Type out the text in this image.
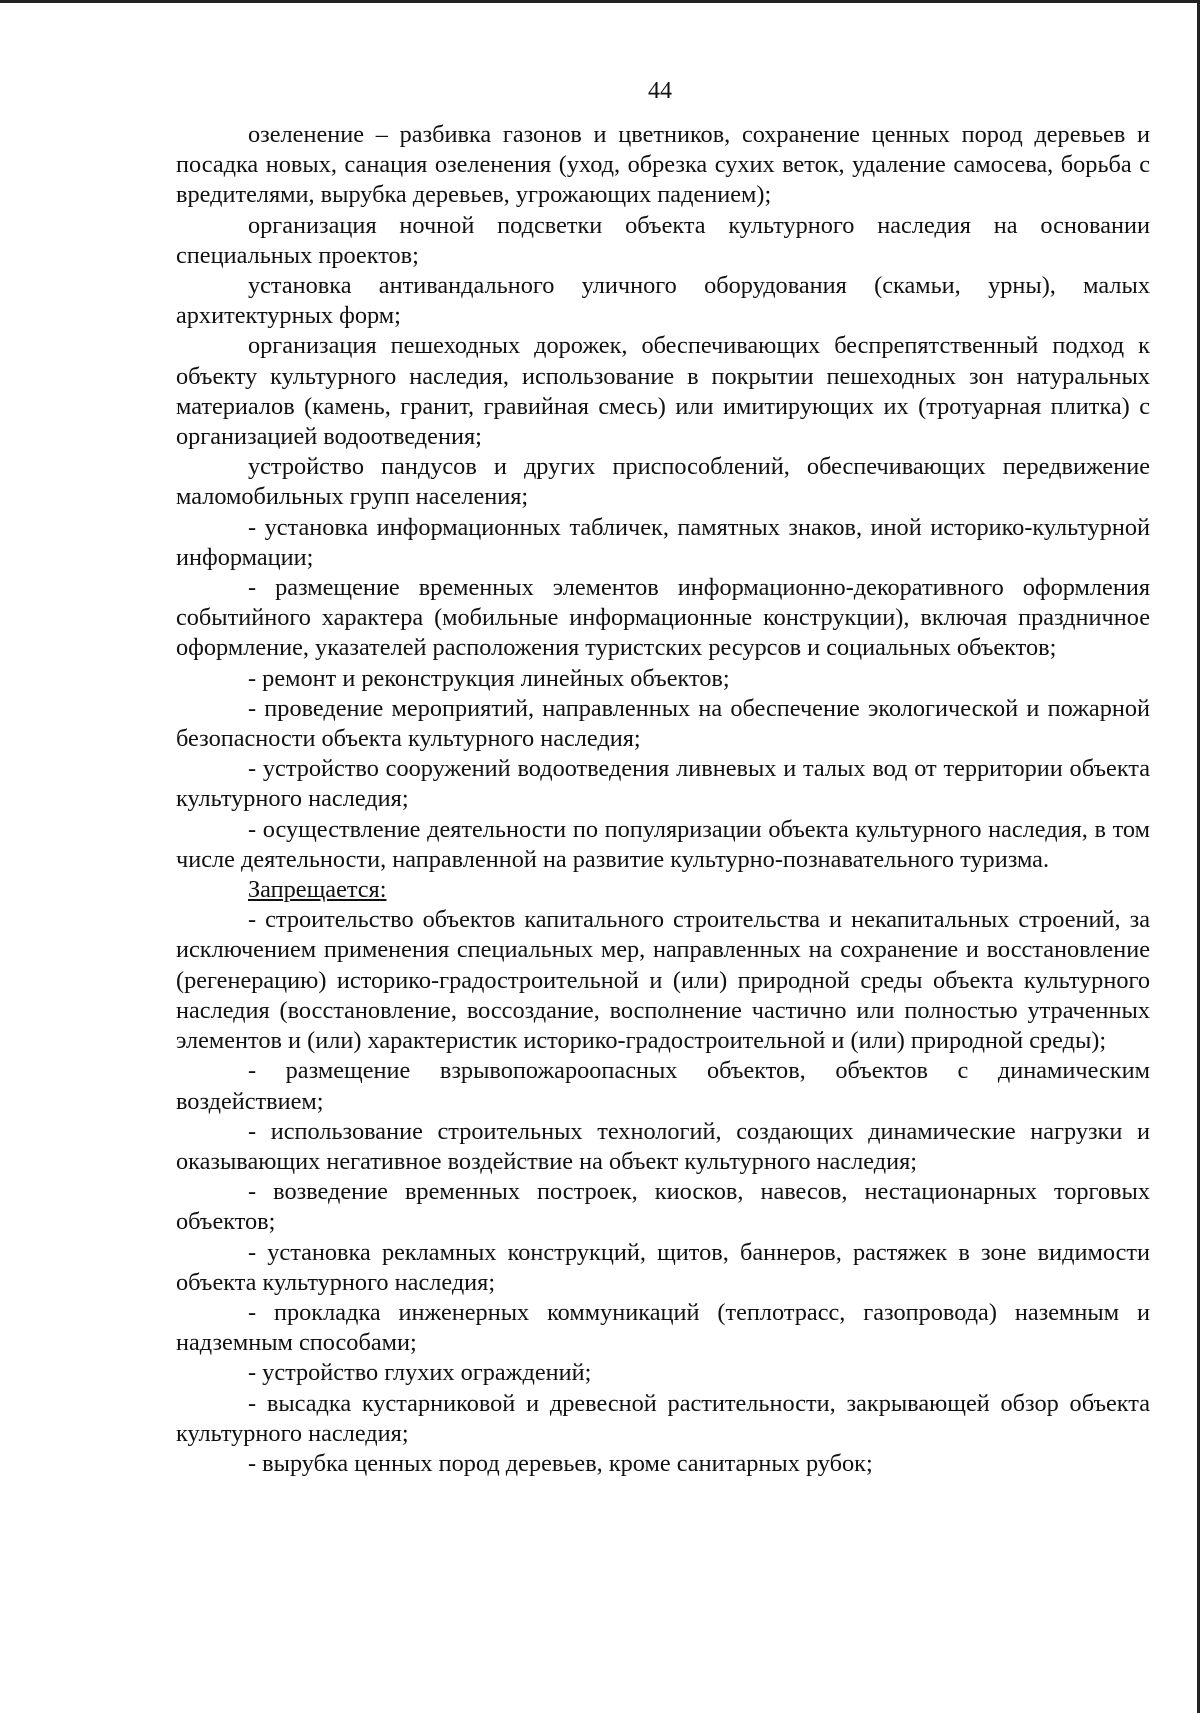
44

озеленение – разбивка газонов и цветников, сохранение ценных пород деревьев и посадка новых, санация озеленения (уход, обрезка сухих веток, удаление самосева, борьба с вредителями, вырубка деревьев, угрожающих падением);

организация ночной подсветки объекта культурного наследия на основании специальных проектов;

установка антивандального уличного оборудования (скамьи, урны), малых архитектурных форм;

организация пешеходных дорожек, обеспечивающих беспрепятственный подход к объекту культурного наследия, использование в покрытии пешеходных зон натуральных материалов (камень, гранит, гравийная смесь) или имитирующих их (тротуарная плитка) с организацией водоотведения;

устройство пандусов и других приспособлений, обеспечивающих передвижение маломобильных групп населения;

- установка информационных табличек, памятных знаков, иной историко-культурной информации;

- размещение временных элементов информационно-декоративного оформления событийного характера (мобильные информационные конструкции), включая праздничное оформление, указателей расположения туристских ресурсов и социальных объектов;

- ремонт и реконструкция линейных объектов;

- проведение мероприятий, направленных на обеспечение экологической и пожарной безопасности объекта культурного наследия;

- устройство сооружений водоотведения ливневых и талых вод от территории объекта культурного наследия;

- осуществление деятельности по популяризации объекта культурного наследия, в том числе деятельности, направленной на развитие культурно-познавательного туризма.

Запрещается:

- строительство объектов капитального строительства и некапитальных строений, за исключением применения специальных мер, направленных на сохранение и восстановление (регенерацию) историко-градостроительной и (или) природной среды объекта культурного наследия (восстановление, воссоздание, восполнение частично или полностью утраченных элементов и (или) характеристик историко-градостроительной и (или) природной среды);

- размещение взрывопожароопасных объектов, объектов с динамическим воздействием;

- использование строительных технологий, создающих динамические нагрузки и оказывающих негативное воздействие на объект культурного наследия;

- возведение временных построек, киосков, навесов, нестационарных торговых объектов;

- установка рекламных конструкций, щитов, баннеров, растяжек в зоне видимости объекта культурного наследия;

- прокладка инженерных коммуникаций (теплотрасс, газопровода) наземным и надземным способами;

- устройство глухих ограждений;

- высадка кустарниковой и древесной растительности, закрывающей обзор объекта культурного наследия;

- вырубка ценных пород деревьев, кроме санитарных рубок;
